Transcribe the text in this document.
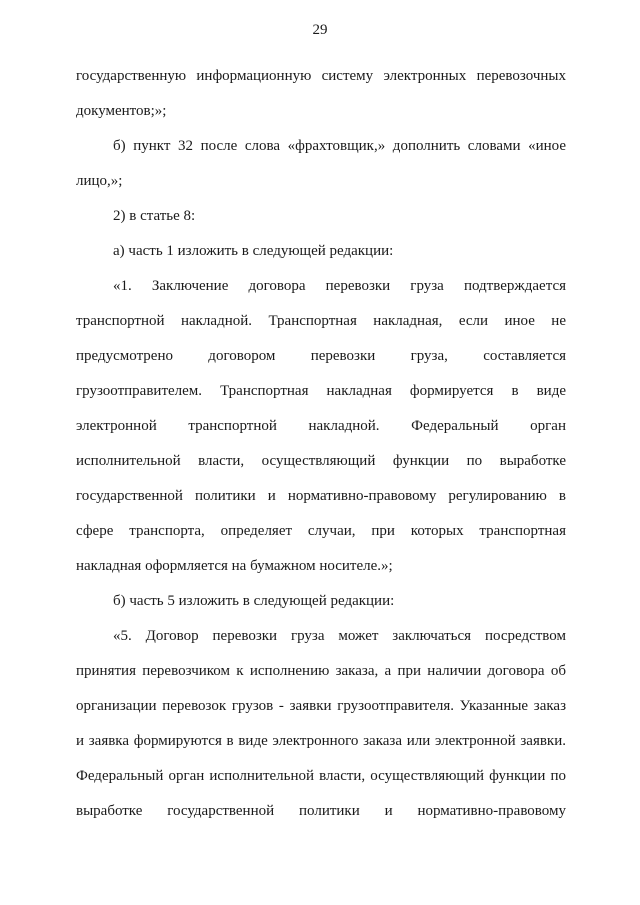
29
государственную информационную систему электронных перевозочных
документов;»;
б) пункт 32 после слова «фрахтовщик,» дополнить словами «иное
лицо,»;
2) в статье 8:
а) часть 1 изложить в следующей редакции:
«1. Заключение договора перевозки груза подтверждается
транспортной накладной. Транспортная накладная, если иное не
предусмотрено договором перевозки груза, составляется
грузоотправителем. Транспортная накладная формируется в виде
электронной транспортной накладной. Федеральный орган
исполнительной власти, осуществляющий функции по выработке
государственной политики и нормативно-правовому регулированию в
сфере транспорта, определяет случаи, при которых транспортная
накладная оформляется на бумажном носителе.»;
б) часть 5 изложить в следующей редакции:
«5. Договор перевозки груза может заключаться посредством
принятия перевозчиком к исполнению заказа, а при наличии договора об
организации перевозок грузов - заявки грузоотправителя. Указанные заказ
и заявка формируются в виде электронного заказа или электронной заявки.
Федеральный орган исполнительной власти, осуществляющий функции по
выработке государственной политики и нормативно-правовому
